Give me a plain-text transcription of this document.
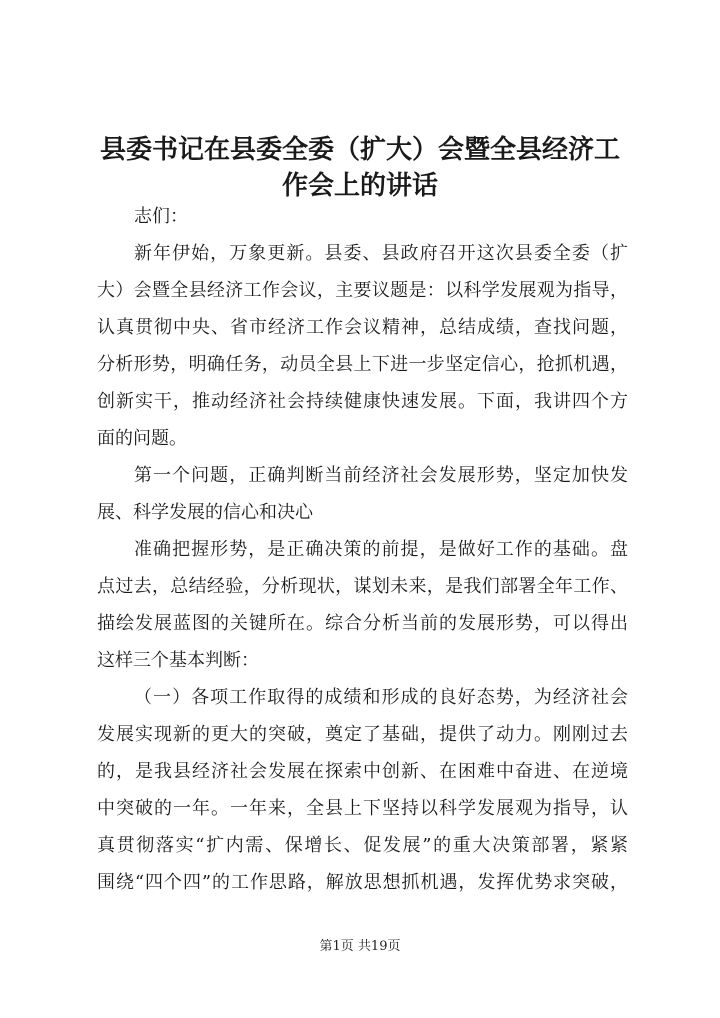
县委书记在县委全委（扩大）会暨全县经济工
作会上的讲话
志们：
新年伊始，万象更新。县委、县政府召开这次县委全委（扩
大）会暨全县经济工作会议，主要议题是：以科学发展观为指导，
认真贯彻中央、省市经济工作会议精神，总结成绩，查找问题，
分析形势，明确任务，动员全县上下进一步坚定信心，抢抓机遇，
创新实干，推动经济社会持续健康快速发展。下面，我讲四个方
面的问题。
第一个问题，正确判断当前经济社会发展形势，坚定加快发
展、科学发展的信心和决心
准确把握形势，是正确决策的前提，是做好工作的基础。盘
点过去，总结经验，分析现状，谋划未来，是我们部署全年工作、
描绘发展蓝图的关键所在。综合分析当前的发展形势，可以得出
这样三个基本判断：
（一）各项工作取得的成绩和形成的良好态势，为经济社会
发展实现新的更大的突破，奠定了基础，提供了动力。刚刚过去
的，是我县经济社会发展在探索中创新、在困难中奋进、在逆境
中突破的一年。一年来，全县上下坚持以科学发展观为指导，认
真贯彻落实“扩内需、保增长、促发展”的重大决策部署，紧紧
围绕“四个四”的工作思路，解放思想抓机遇，发挥优势求突破，
第1页 共19页
